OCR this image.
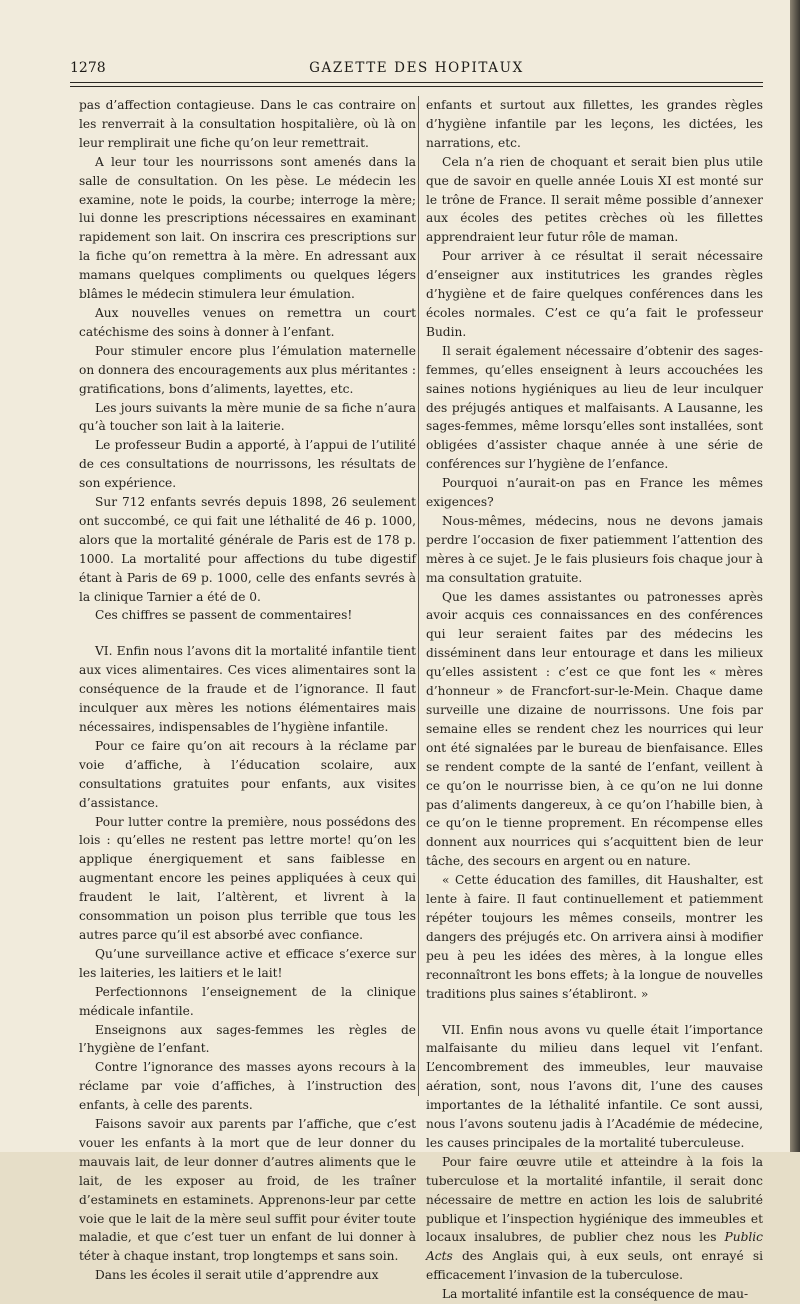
1278	GAZETTE DES HOPITAUX

pas d’affection contagieuse. Dans le cas contraire on les renverrait à la consultation hospitalière, où là on leur remplirait une fiche qu’on leur remettrait.

A leur tour les nourrissons sont amenés dans la salle de consultation. On les pèse. Le médecin les examine, note le poids, la courbe; interroge la mère; lui donne les prescriptions nécessaires en examinant rapidement son lait. On inscrira ces prescriptions sur la fiche qu’on remettra à la mère. En adressant aux mamans quelques compliments ou quelques légers blâmes le médecin stimulera leur émulation.

Aux nouvelles venues on remettra un court catéchisme des soins à donner à l’enfant.

Pour stimuler encore plus l’émulation maternelle on donnera des encouragements aux plus méritantes : gratifications, bons d’aliments, layettes, etc.

Les jours suivants la mère munie de sa fiche n’aura qu’à toucher son lait à la laiterie.

Le professeur Budin a apporté, à l’appui de l’utilité de ces consultations de nourrissons, les résultats de son expérience.

Sur 712 enfants sevrés depuis 1898, 26 seulement ont succombé, ce qui fait une léthalité de 46 p. 1000, alors que la mortalité générale de Paris est de 178 p. 1000. La mortalité pour affections du tube digestif étant à Paris de 69 p. 1000, celle des enfants sevrés à la clinique Tarnier a été de 0.

Ces chiffres se passent de commentaires!

VI. Enfin nous l’avons dit la mortalité infantile tient aux vices alimentaires. Ces vices alimentaires sont la conséquence de la fraude et de l’ignorance. Il faut inculquer aux mères les notions élémentaires mais nécessaires, indispensables de l’hygiène infantile.

Pour ce faire qu’on ait recours à la réclame par voie d’affiche, à l’éducation scolaire, aux consultations gratuites pour enfants, aux visites d’assistance.

Pour lutter contre la première, nous possédons des lois : qu’elles ne restent pas lettre morte! qu’on les applique énergiquement et sans faiblesse en augmentant encore les peines appliquées à ceux qui fraudent le lait, l’altèrent, et livrent à la consommation un poison plus terrible que tous les autres parce qu’il est absorbé avec confiance.

Qu’une surveillance active et efficace s’exerce sur les laiteries, les laitiers et le lait!

Perfectionnons l’enseignement de la clinique médicale infantile.

Enseignons aux sages-femmes les règles de l’hygiène de l’enfant.

Contre l’ignorance des masses ayons recours à la réclame par voie d’affiches, à l’instruction des enfants, à celle des parents.

Faisons savoir aux parents par l’affiche, que c’est vouer les enfants à la mort que de leur donner du mauvais lait, de leur donner d’autres aliments que le lait, de les exposer au froid, de les traîner d’estaminets en estaminets. Apprenons-leur par cette voie que le lait de la mère seul suffit pour éviter toute maladie, et que c’est tuer un enfant de lui donner à téter à chaque instant, trop longtemps et sans soin.

Dans les écoles il serait utile d’apprendre aux

enfants et surtout aux fillettes, les grandes règles d’hygiène infantile par les leçons, les dictées, les narrations, etc.

Cela n’a rien de choquant et serait bien plus utile que de savoir en quelle année Louis XI est monté sur le trône de France. Il serait même possible d’annexer aux écoles des petites crèches où les fillettes apprendraient leur futur rôle de maman.

Pour arriver à ce résultat il serait nécessaire d’enseigner aux institutrices les grandes règles d’hygiène et de faire quelques conférences dans les écoles normales. C’est ce qu’a fait le professeur Budin.

Il serait également nécessaire d’obtenir des sages-femmes, qu’elles enseignent à leurs accouchées les saines notions hygiéniques au lieu de leur inculquer des préjugés antiques et malfaisants. A Lausanne, les sages-femmes, même lorsqu’elles sont installées, sont obligées d’assister chaque année à une série de conférences sur l’hygiène de l’enfance.

Pourquoi n’aurait-on pas en France les mêmes exigences?

Nous-mêmes, médecins, nous ne devons jamais perdre l’occasion de fixer patiemment l’attention des mères à ce sujet. Je le fais plusieurs fois chaque jour à ma consultation gratuite.

Que les dames assistantes ou patronesses après avoir acquis ces connaissances en des conférences qui leur seraient faites par des médecins les disséminent dans leur entourage et dans les milieux qu’elles assistent : c’est ce que font les « mères d’honneur » de Francfort-sur-le-Mein. Chaque dame surveille une dizaine de nourrissons. Une fois par semaine elles se rendent chez les nourrices qui leur ont été signalées par le bureau de bienfaisance. Elles se rendent compte de la santé de l’enfant, veillent à ce qu’on le nourrisse bien, à ce qu’on ne lui donne pas d’aliments dangereux, à ce qu’on l’habille bien, à ce qu’on le tienne proprement. En récompense elles donnent aux nourrices qui s’acquittent bien de leur tâche, des secours en argent ou en nature.

« Cette éducation des familles, dit Haushalter, est lente à faire. Il faut continuellement et patiemment répéter toujours les mêmes conseils, montrer les dangers des préjugés etc. On arrivera ainsi à modifier peu à peu les idées des mères, à la longue elles reconnaîtront les bons effets; à la longue de nouvelles traditions plus saines s’établiront. »

VII. Enfin nous avons vu quelle était l’importance malfaisante du milieu dans lequel vit l’enfant. L’encombrement des immeubles, leur mauvaise aération, sont, nous l’avons dit, l’une des causes importantes de la léthalité infantile. Ce sont aussi, nous l’avons soutenu jadis à l’Académie de médecine, les causes principales de la mortalité tuberculeuse.

Pour faire œuvre utile et atteindre à la fois la tuberculose et la mortalité infantile, il serait donc nécessaire de mettre en action les lois de salubrité publique et l’inspection hygiénique des immeubles et locaux insalubres, de publier chez nous les Public Acts des Anglais qui, à eux seuls, ont enrayé si efficacement l’invasion de la tuberculose.

La mortalité infantile est la conséquence de mau-
